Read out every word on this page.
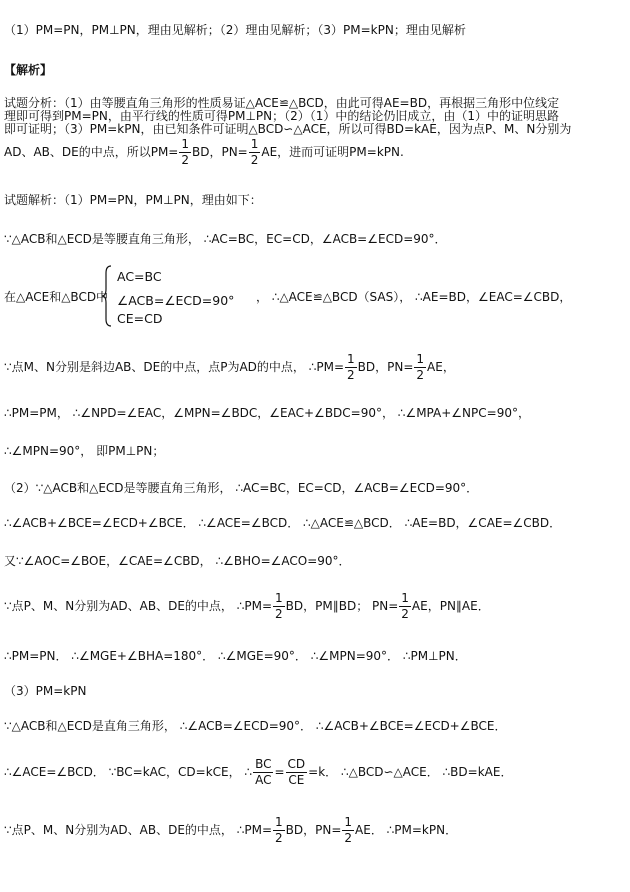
（1）PM=PN，PM⊥PN，理由见解析；（2）理由见解析；（3）PM=kPN；理由见解析
【解析】
试题分析：（1）由等腰直角三角形的性质易证△ACE≌△BCD，由此可得AE=BD，再根据三角形中位线定
理即可得到PM=PN，由平行线的性质可得PM⊥PN；（2）（1）中的结论仍旧成立，由（1）中的证明思路
即可证明；（3）PM=kPN，由已知条件可证明△BCD∽△ACE，所以可得BD=kAE，因为点P、M、N分别为
AD、AB、DE的中点，所以$PM= \frac{1}{2}$ BD，$PN= \frac{1}{2}$ AE，进而可证明PM=kPN.
试题解析：（1）PM=PN，PM⊥PN，理由如下：
∵△ACB和△ECD是等腰直角三角形， ∴AC=BC，EC=CD，∠ACB=∠ECD=90°．
在△ACE和△BCD中
AC=BC
∠ACB=∠ECD=90°
CE=CD
， ∴△ACE≌△BCD（SAS）， ∴AE=BD，∠EAC=∠CBD，
∵点M、N分别是斜边AB、DE的中点，点P为AD的中点， ∴PM= $\frac{1}{2}$ BD，$PN= \frac{1}{2}$ AE，
∴PM=PM， ∴∠NPD=∠EAC，∠MPN=∠BDC，∠EAC+∠BDC=90°， ∴∠MPA+∠NPC=90°，
∴∠MPN=90°， 即PM⊥PN；
（2）∵△ACB和△ECD是等腰直角三角形， ∴AC=BC，EC=CD，∠ACB=∠ECD=90°．
∴∠ACB+∠BCE=∠ECD+∠BCE． ∴∠ACE=∠BCD． ∴△ACE≌△BCD． ∴AE=BD，∠CAE=∠CBD．
又∵∠AOC=∠BOE，∠CAE=∠CBD， ∴∠BHO=∠ACO=90°．
∵点P、M、N分别为AD、AB、DE的中点， ∴PM= $\frac{1}{2}$ BD，PM∥BD； $PN= \frac{1}{2}$ AE，PN∥AE．
∴PM=PN． ∴∠MGE+∠BHA=180°． ∴∠MGE=90°． ∴∠MPN=90°． ∴PM⊥PN．
（3）PM=kPN
∵△ACB和△ECD是直角三角形， ∴∠ACB=∠ECD=90°． ∴∠ACB+∠BCE=∠ECD+∠BCE．
∴∠ACE=∠BCD． ∵BC=kAC，CD=kCE， ∴ $\frac{BC}{AC} = \frac{CD}{CE} =k$． ∴△BCD∽△ACE． ∴BD=kAE．
∵点P、M、N分别为AD、AB、DE的中点， ∴PM= $\frac{1}{2}$ BD，$PN= \frac{1}{2}$ AE． ∴PM=kPN．
